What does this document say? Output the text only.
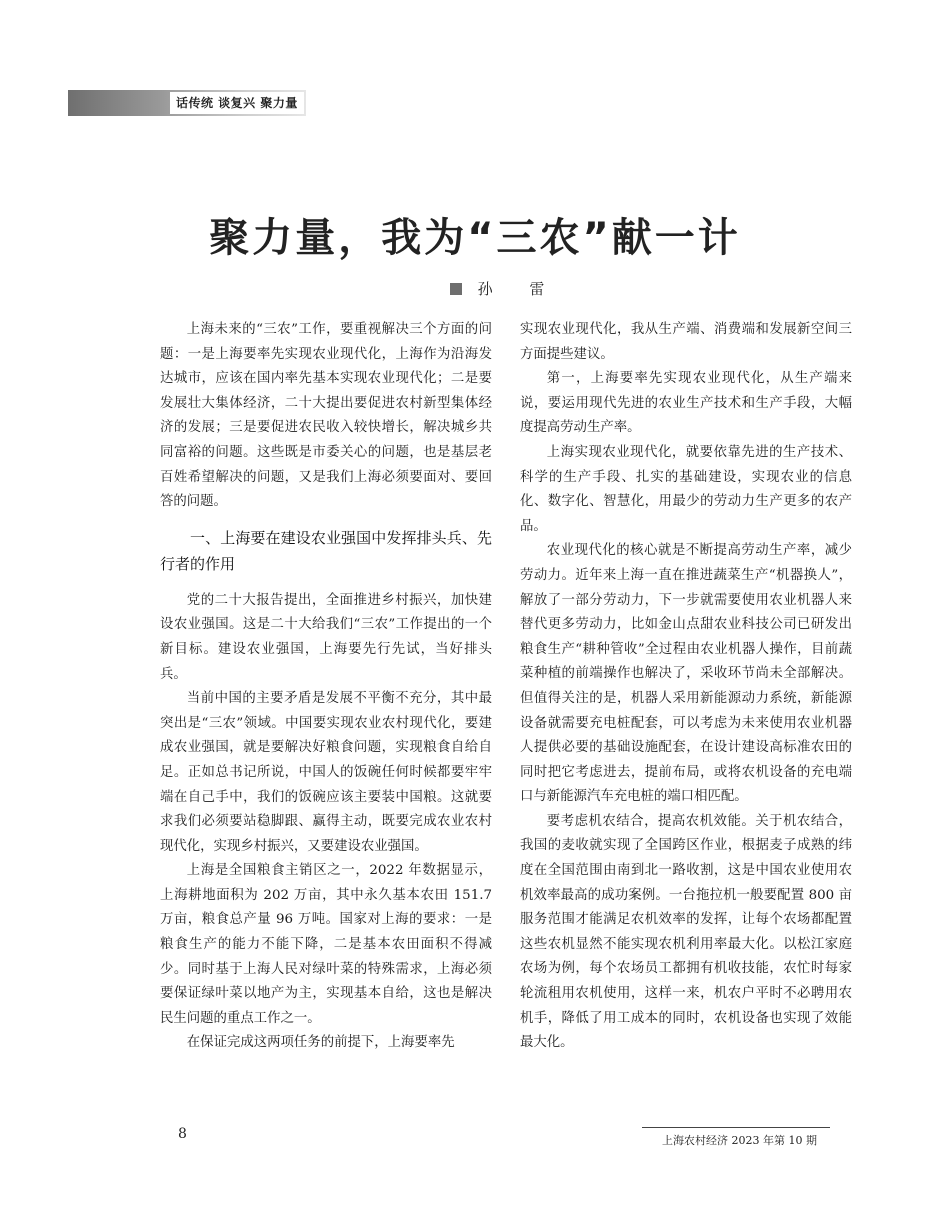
话传统 谈复兴 聚力量
聚力量，我为“三农”献一计
孙 雷

上海未来的“三农”工作，要重视解决三个方面的问题：一是上海要率先实现农业现代化，上海作为沿海发达城市，应该在国内率先基本实现农业现代化；二是要发展壮大集体经济，二十大提出要促进农村新型集体经济的发展；三是要促进农民收入较快增长，解决城乡共同富裕的问题。这些既是市委关心的问题，也是基层老百姓希望解决的问题，又是我们上海必须要面对、要回答的问题。

一、上海要在建设农业强国中发挥排头兵、先行者的作用

党的二十大报告提出，全面推进乡村振兴，加快建设农业强国。这是二十大给我们“三农”工作提出的一个新目标。建设农业强国，上海要先行先试，当好排头兵。

当前中国的主要矛盾是发展不平衡不充分，其中最突出是“三农”领域。中国要实现农业农村现代化，要建成农业强国，就是要解决好粮食问题，实现粮食自给自足。正如总书记所说，中国人的饭碗任何时候都要牢牢端在自己手中，我们的饭碗应该主要装中国粮。这就要求我们必须要站稳脚跟、赢得主动，既要完成农业农村现代化，实现乡村振兴，又要建设农业强国。

上海是全国粮食主销区之一，2022 年数据显示，上海耕地面积为 202 万亩，其中永久基本农田 151.7 万亩，粮食总产量 96 万吨。国家对上海的要求：一是粮食生产的能力不能下降，二是基本农田面积不得减少。同时基于上海人民对绿叶菜的特殊需求，上海必须要保证绿叶菜以地产为主，实现基本自给，这也是解决民生问题的重点工作之一。

在保证完成这两项任务的前提下，上海要率先

实现农业现代化，我从生产端、消费端和发展新空间三方面提些建议。

第一，上海要率先实现农业现代化，从生产端来说，要运用现代先进的农业生产技术和生产手段，大幅度提高劳动生产率。

上海实现农业现代化，就要依靠先进的生产技术、科学的生产手段、扎实的基础建设，实现农业的信息化、数字化、智慧化，用最少的劳动力生产更多的农产品。

农业现代化的核心就是不断提高劳动生产率，减少劳动力。近年来上海一直在推进蔬菜生产“机器换人”，解放了一部分劳动力，下一步就需要使用农业机器人来替代更多劳动力，比如金山点甜农业科技公司已研发出粮食生产“耕种管收”全过程由农业机器人操作，目前蔬菜种植的前端操作也解决了，采收环节尚未全部解决。但值得关注的是，机器人采用新能源动力系统，新能源设备就需要充电桩配套，可以考虑为未来使用农业机器人提供必要的基础设施配套，在设计建设高标准农田的同时把它考虑进去，提前布局，或将农机设备的充电端口与新能源汽车充电桩的端口相匹配。

要考虑机农结合，提高农机效能。关于机农结合，我国的麦收就实现了全国跨区作业，根据麦子成熟的纬度在全国范围由南到北一路收割，这是中国农业使用农机效率最高的成功案例。一台拖拉机一般要配置 800 亩服务范围才能满足农机效率的发挥，让每个农场都配置这些农机显然不能实现农机利用率最大化。以松江家庭农场为例，每个农场员工都拥有机收技能，农忙时每家轮流租用农机使用，这样一来，机农户平时不必聘用农机手，降低了用工成本的同时，农机设备也实现了效能最大化。

8	上海农村经济 2023 年第 10 期
